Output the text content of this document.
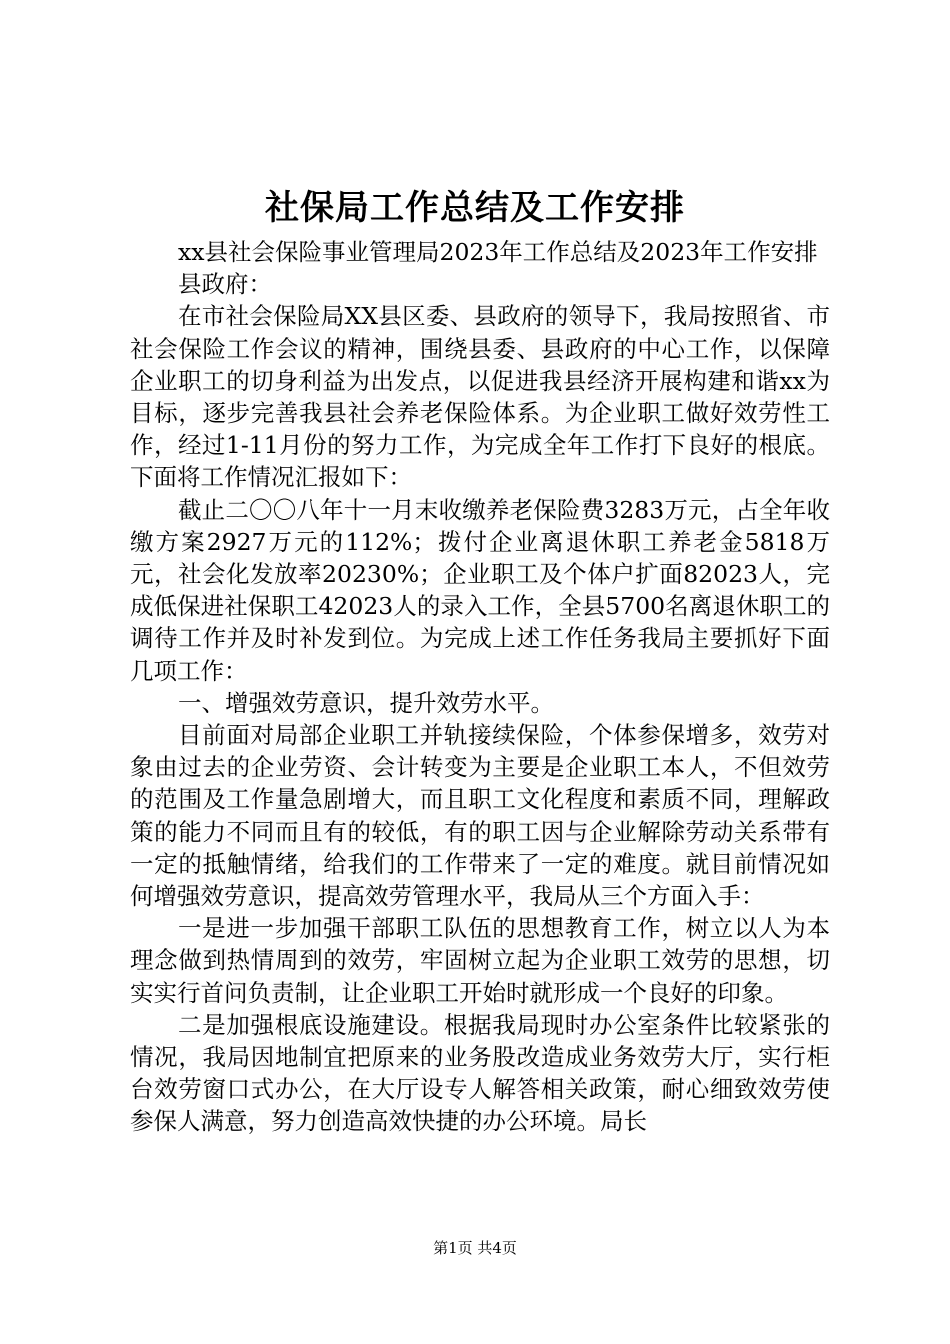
社保局工作总结及工作安排

xx县社会保险事业管理局2023年工作总结及2023年工作安排

县政府：

在市社会保险局XX县区委、县政府的领导下，我局按照省、市社会保险工作会议的精神，围绕县委、县政府的中心工作，以保障企业职工的切身利益为出发点，以促进我县经济开展构建和谐xx为目标，逐步完善我县社会养老保险体系。为企业职工做好效劳性工作，经过1-11月份的努力工作，为完成全年工作打下良好的根底。下面将工作情况汇报如下：

截止二〇〇八年十一月末收缴养老保险费3283万元，占全年收缴方案2927万元的112%；拨付企业离退休职工养老金5818万元，社会化发放率20230%；企业职工及个体户扩面82023人，完成低保进社保职工42023人的录入工作，全县5700名离退休职工的调待工作并及时补发到位。为完成上述工作任务我局主要抓好下面几项工作：

一、增强效劳意识，提升效劳水平。

目前面对局部企业职工并轨接续保险，个体参保增多，效劳对象由过去的企业劳资、会计转变为主要是企业职工本人，不但效劳的范围及工作量急剧增大，而且职工文化程度和素质不同，理解政策的能力不同而且有的较低，有的职工因与企业解除劳动关系带有一定的抵触情绪，给我们的工作带来了一定的难度。就目前情况如何增强效劳意识，提高效劳管理水平，我局从三个方面入手：

一是进一步加强干部职工队伍的思想教育工作，树立以人为本理念做到热情周到的效劳，牢固树立起为企业职工效劳的思想，切实实行首问负责制，让企业职工开始时就形成一个良好的印象。

二是加强根底设施建设。根据我局现时办公室条件比较紧张的情况，我局因地制宜把原来的业务股改造成业务效劳大厅，实行柜台效劳窗口式办公，在大厅设专人解答相关政策，耐心细致效劳使参保人满意，努力创造高效快捷的办公环境。局长

第1页 共4页
